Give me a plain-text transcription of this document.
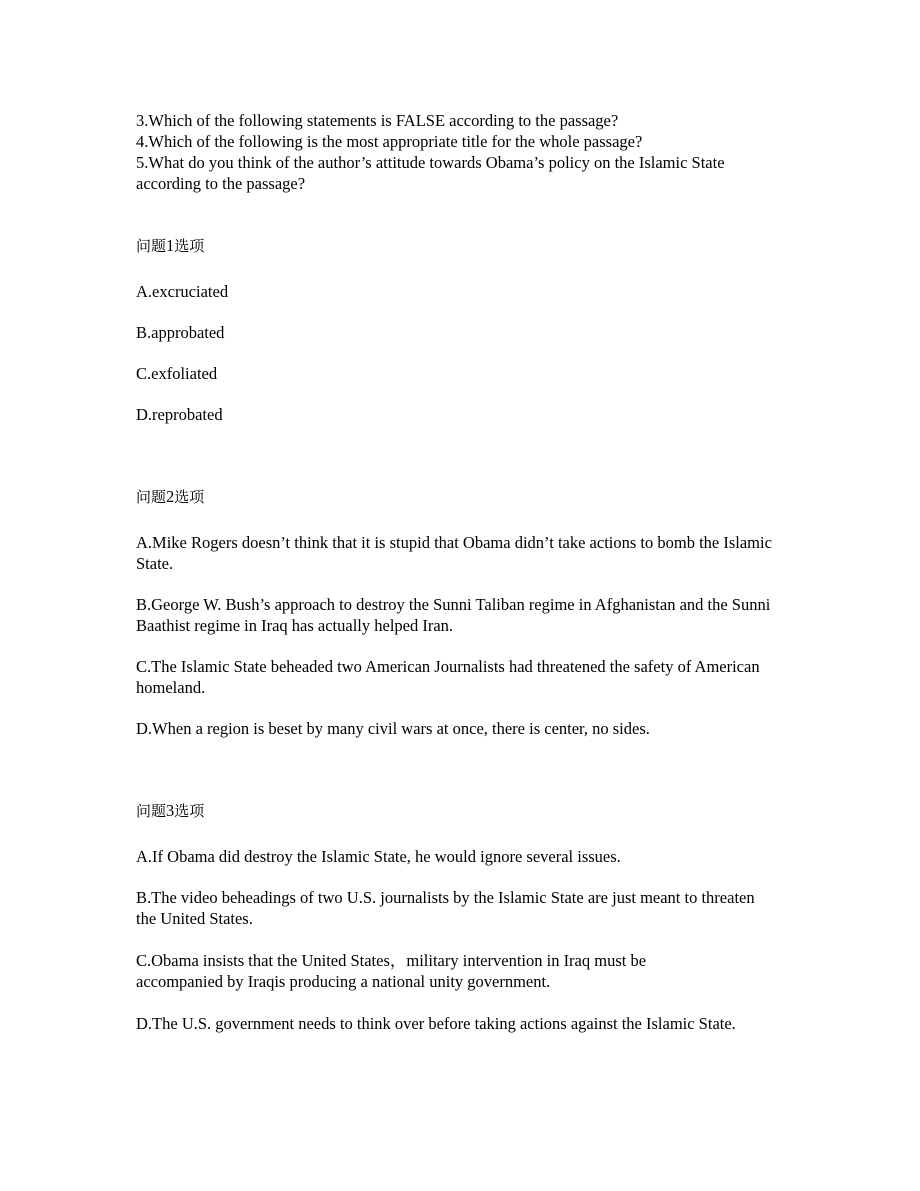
3.Which of the following statements is FALSE according to the passage?

4.Which of the following is the most appropriate title for the whole passage?

5.What do you think of the author’s attitude towards Obama’s policy on the Islamic State according to the passage?

问题1选项

A.excruciated

B.approbated

C.exfoliated

D.reprobated

问题2选项

A.Mike Rogers doesn’t think that it is stupid that Obama didn’t take actions to bomb the Islamic State.

B.George W. Bush’s approach to destroy the Sunni Taliban regime in Afghanistan and the Sunni Baathist regime in Iraq has actually helped Iran.

C.The Islamic State beheaded two American Journalists had threatened the safety of American homeland.

D.When a region is beset by many civil wars at once, there is center, no sides.

问题3选项

A.If Obama did destroy the Islamic State, he would ignore several issues.

B.The video beheadings of two U.S. journalists by the Islamic State are just meant to threaten the United States.

C.Obama insists that the United States，military intervention in Iraq must be accompanied by Iraqis producing a national unity government.

D.The U.S. government needs to think over before taking actions against the Islamic State.
